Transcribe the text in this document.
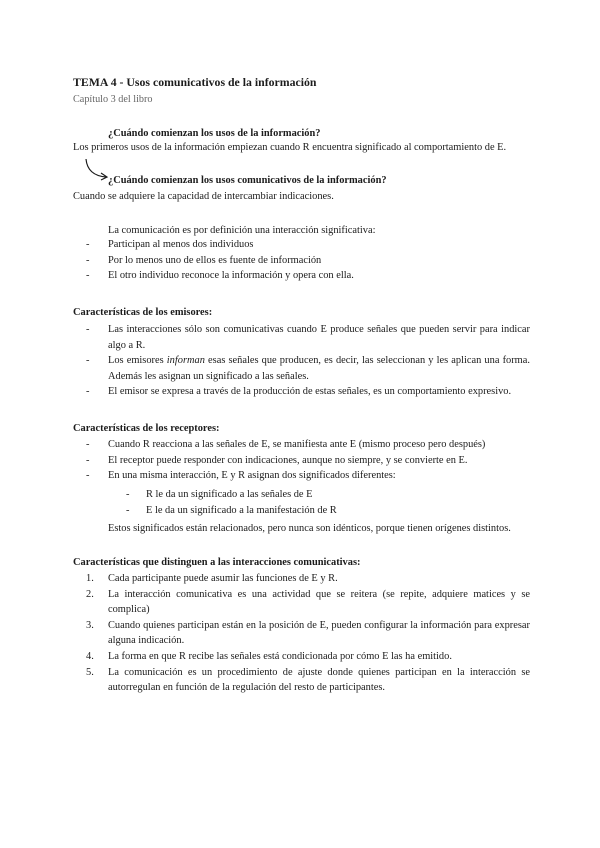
TEMA 4 - Usos comunicativos de la información
Capítulo 3 del libro
¿Cuándo comienzan los usos de la información?
Los primeros usos de la información empiezan cuando R encuentra significado al comportamiento de E.
¿Cuándo comienzan los usos comunicativos de la información?
Cuando se adquiere la capacidad de intercambiar indicaciones.
La comunicación es por definición una interacción significativa:
- Participan al menos dos individuos
- Por lo menos uno de ellos es fuente de información
- El otro individuo reconoce la información y opera con ella.
Características de los emisores:
- Las interacciones sólo son comunicativas cuando E produce señales que pueden servir para indicar algo a R.
- Los emisores informan esas señales que producen, es decir, las seleccionan y les aplican una forma. Además les asignan un significado a las señales.
- El emisor se expresa a través de la producción de estas señales, es un comportamiento expresivo.
Características de los receptores:
- Cuando R reacciona a las señales de E, se manifiesta ante E (mismo proceso pero después)
- El receptor puede responder con indicaciones, aunque no siempre, y se convierte en E.
- En una misma interacción, E y R asignan dos significados diferentes:
- R le da un significado a las señales de E
- E le da un significado a la manifestación de R
Estos significados están relacionados, pero nunca son idénticos, porque tienen orígenes distintos.
Características que distinguen a las interacciones comunicativas:
1. Cada participante puede asumir las funciones de E y R.
2. La interacción comunicativa es una actividad que se reitera (se repite, adquiere matices y se complica)
3. Cuando quienes participan están en la posición de E, pueden configurar la información para expresar alguna indicación.
4. La forma en que R recibe las señales está condicionada por cómo E las ha emitido.
5. La comunicación es un procedimiento de ajuste donde quienes participan en la interacción se autorregulan en función de la regulación del resto de participantes.
